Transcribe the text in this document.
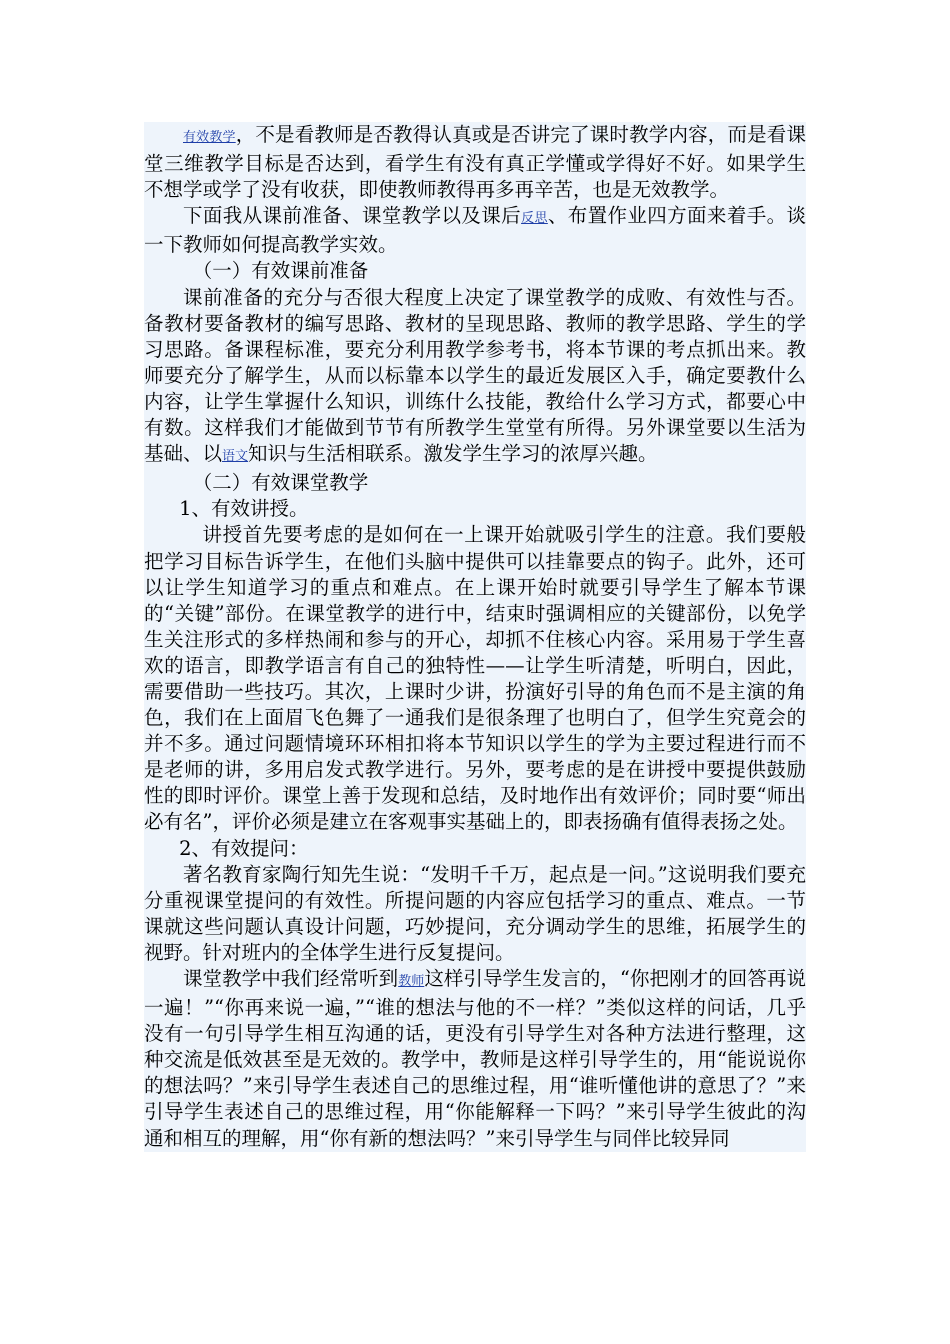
有效教学，不是看教师是否教得认真或是否讲完了课时教学内容，而是看课堂三维教学目标是否达到，看学生有没有真正学懂或学得好不好。如果学生不想学或学了没有收获，即使教师教得再多再辛苦，也是无效教学。

下面我从课前准备、课堂教学以及课后反思、布置作业四方面来着手。谈一下教师如何提高教学实效。

（一）有效课前准备

课前准备的充分与否很大程度上决定了课堂教学的成败、有效性与否。备教材要备教材的编写思路、教材的呈现思路、教师的教学思路、学生的学习思路。备课程标准，要充分利用教学参考书，将本节课的考点抓出来。教师要充分了解学生，从而以标靠本以学生的最近发展区入手，确定要教什么内容，让学生掌握什么知识，训练什么技能，教给什么学习方式，都要心中有数。这样我们才能做到节节有所教学生堂堂有所得。另外课堂要以生活为基础、以语文知识与生活相联系。激发学生学习的浓厚兴趣。

（二）有效课堂教学

1、有效讲授。

讲授首先要考虑的是如何在一上课开始就吸引学生的注意。我们要般把学习目标告诉学生，在他们头脑中提供可以挂靠要点的钩子。此外，还可以让学生知道学习的重点和难点。在上课开始时就要引导学生了解本节课的“关键”部份。在课堂教学的进行中，结束时强调相应的关键部份，以免学生关注形式的多样热闹和参与的开心，却抓不住核心内容。采用易于学生喜欢的语言，即教学语言有自己的独特性——让学生听清楚，听明白，因此，需要借助一些技巧。其次，上课时少讲，扮演好引导的角色而不是主演的角色，我们在上面眉飞色舞了一通我们是很条理了也明白了，但学生究竟会的并不多。通过问题情境环环相扣将本节知识以学生的学为主要过程进行而不是老师的讲，多用启发式教学进行。另外，要考虑的是在讲授中要提供鼓励性的即时评价。课堂上善于发现和总结，及时地作出有效评价；同时要“师出必有名”，评价必须是建立在客观事实基础上的，即表扬确有值得表扬之处。

2、有效提问：

著名教育家陶行知先生说：“发明千千万，起点是一问。”这说明我们要充分重视课堂提问的有效性。所提问题的内容应包括学习的重点、难点。一节课就这些问题认真设计问题，巧妙提问，充分调动学生的思维，拓展学生的视野。针对班内的全体学生进行反复提问。

课堂教学中我们经常听到教师这样引导学生发言的，“你把刚才的回答再说一遍！”“你再来说一遍，”“谁的想法与他的不一样？”类似这样的问话，几乎没有一句引导学生相互沟通的话，更没有引导学生对各种方法进行整理，这种交流是低效甚至是无效的。教学中，教师是这样引导学生的，用“能说说你的想法吗？”来引导学生表述自己的思维过程，用“谁听懂他讲的意思了？”来引导学生表述自己的思维过程，用“你能解释一下吗？”来引导学生彼此的沟通和相互的理解，用“你有新的想法吗？”来引导学生与同伴比较异同
